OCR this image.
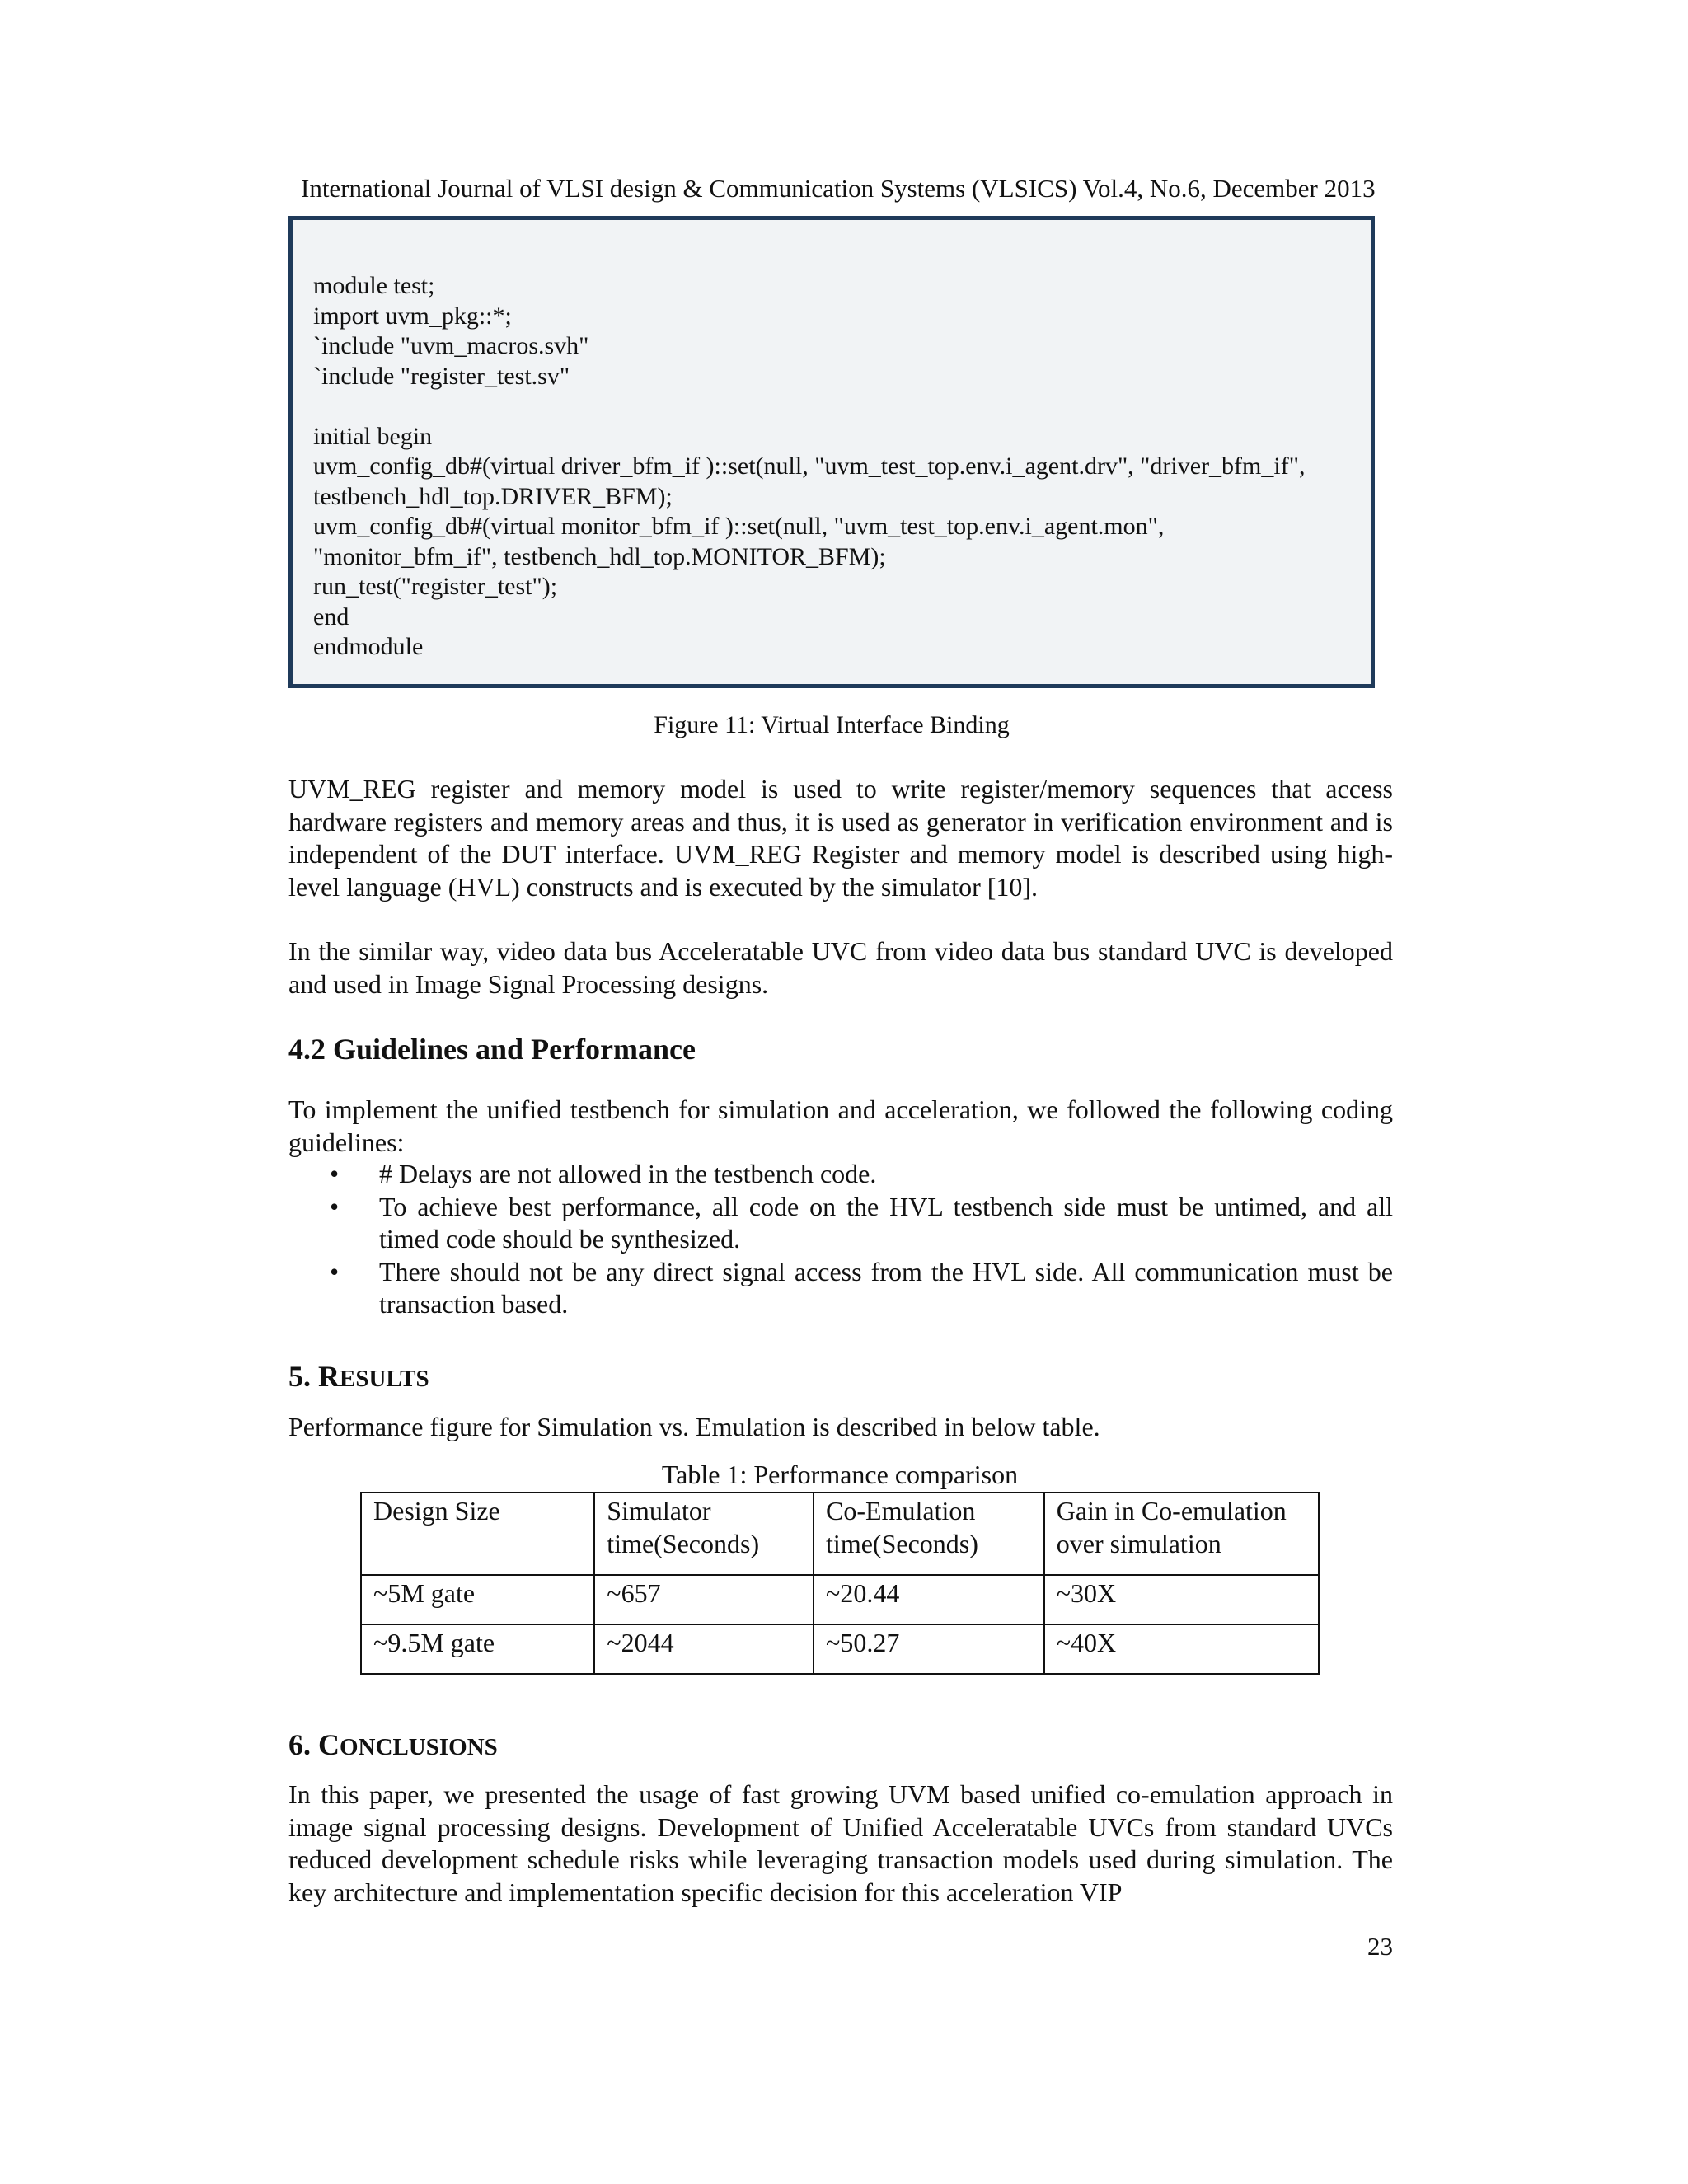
International Journal of VLSI design & Communication Systems (VLSICS) Vol.4, No.6, December 2013
module test;
import uvm_pkg::*;
`include "uvm_macros.svh"
`include "register_test.sv"
initial begin
uvm_config_db#(virtual driver_bfm_if )::set(null, "uvm_test_top.env.i_agent.drv", "driver_bfm_if",
testbench_hdl_top.DRIVER_BFM);
uvm_config_db#(virtual monitor_bfm_if )::set(null, "uvm_test_top.env.i_agent.mon",
"monitor_bfm_if", testbench_hdl_top.MONITOR_BFM);
run_test("register_test");
end
endmodule
Figure 11: Virtual Interface Binding
UVM_REG register and memory model is used to write register/memory sequences that access hardware registers and memory areas and thus, it is used as generator in verification environment and is independent of the DUT interface. UVM_REG Register and memory model is described using high-level language (HVL) constructs and is executed by the simulator [10].
In the similar way, video data bus Acceleratable UVC from video data bus standard UVC is developed and used in Image Signal Processing designs.
4.2 Guidelines and Performance
To implement the unified testbench for simulation and acceleration, we followed the following coding guidelines:
• # Delays are not allowed in the testbench code.
• To achieve best performance, all code on the HVL testbench side must be untimed, and all timed code should be synthesized.
• There should not be any direct signal access from the HVL side. All communication must be transaction based.
5. RESULTS
Performance figure for Simulation vs. Emulation is described in below table.
Table 1: Performance comparison
Design Size	Simulator time(Seconds)	Co-Emulation time(Seconds)	Gain in Co-emulation over simulation
~5M gate	~657	~20.44	~30X
~9.5M gate	~2044	~50.27	~40X
6. CONCLUSIONS
In this paper, we presented the usage of fast growing UVM based unified co-emulation approach in image signal processing designs. Development of Unified Acceleratable UVCs from standard UVCs reduced development schedule risks while leveraging transaction models used during simulation. The key architecture and implementation specific decision for this acceleration VIP
23
